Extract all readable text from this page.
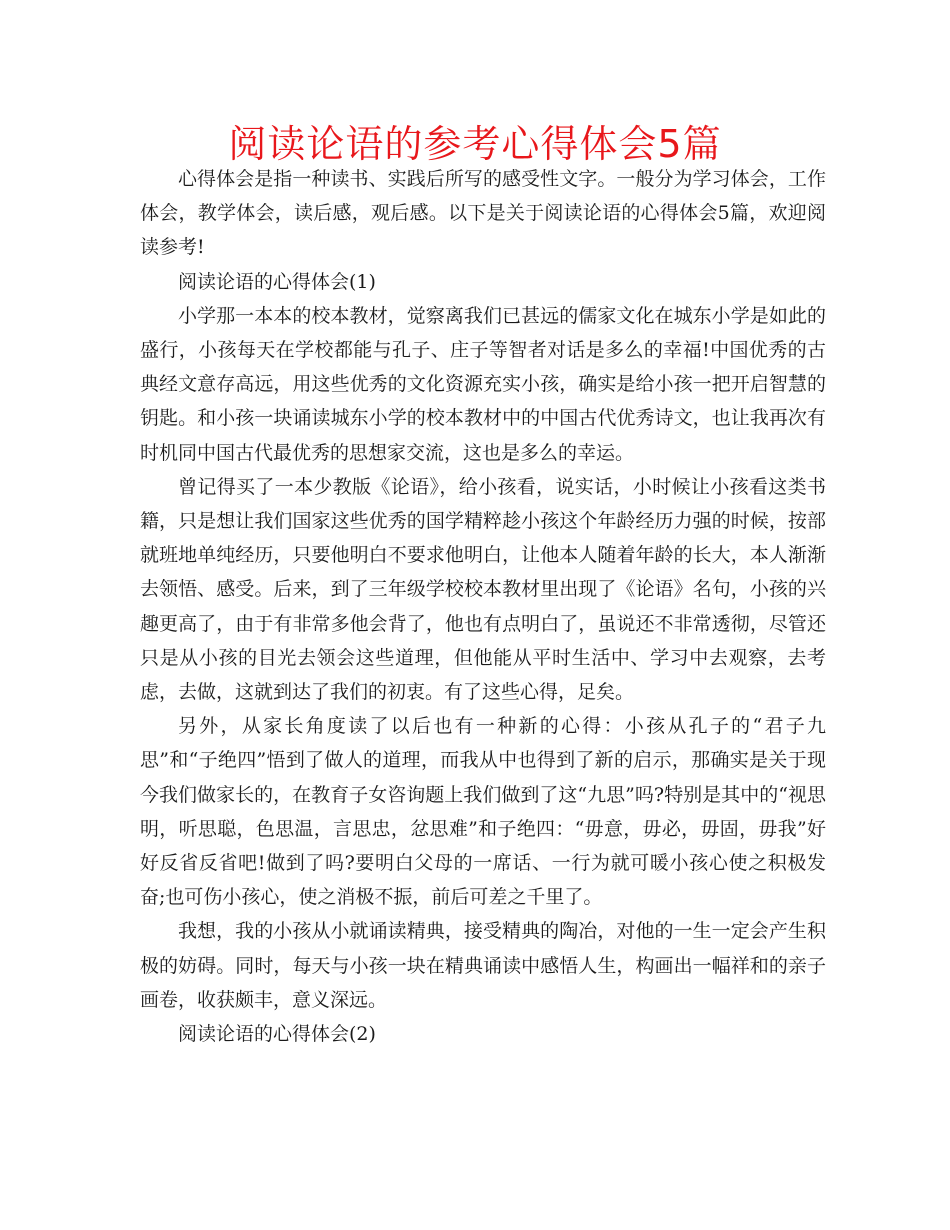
阅读论语的参考心得体会5篇

心得体会是指一种读书、实践后所写的感受性文字。一般分为学习体会，工作体会，教学体会，读后感，观后感。以下是关于阅读论语的心得体会5篇，欢迎阅读参考!

阅读论语的心得体会(1)

小学那一本本的校本教材，觉察离我们已甚远的儒家文化在城东小学是如此的盛行，小孩每天在学校都能与孔子、庄子等智者对话是多么的幸福!中国优秀的古典经文意存高远，用这些优秀的文化资源充实小孩，确实是给小孩一把开启智慧的钥匙。和小孩一块诵读城东小学的校本教材中的中国古代优秀诗文，也让我再次有时机同中国古代最优秀的思想家交流，这也是多么的幸运。

曾记得买了一本少教版《论语》，给小孩看，说实话，小时候让小孩看这类书籍，只是想让我们国家这些优秀的国学精粹趁小孩这个年龄经历力强的时候，按部就班地单纯经历，只要他明白不要求他明白，让他本人随着年龄的长大，本人渐渐去领悟、感受。后来，到了三年级学校校本教材里出现了《论语》名句，小孩的兴趣更高了，由于有非常多他会背了，他也有点明白了，虽说还不非常透彻，尽管还只是从小孩的目光去领会这些道理，但他能从平时生活中、学习中去观察，去考虑，去做，这就到达了我们的初衷。有了这些心得，足矣。

另外，从家长角度读了以后也有一种新的心得：小孩从孔子的“君子九思”和“子绝四”悟到了做人的道理，而我从中也得到了新的启示，那确实是关于现今我们做家长的，在教育子女咨询题上我们做到了这“九思”吗?特别是其中的“视思明，听思聪，色思温，言思忠，忿思难”和子绝四：“毋意，毋必，毋固，毋我”好好反省反省吧!做到了吗?要明白父母的一席话、一行为就可暖小孩心使之积极发奋;也可伤小孩心，使之消极不振，前后可差之千里了。

我想，我的小孩从小就诵读精典，接受精典的陶冶，对他的一生一定会产生积极的妨碍。同时，每天与小孩一块在精典诵读中感悟人生，构画出一幅祥和的亲子画卷，收获颇丰，意义深远。

阅读论语的心得体会(2)
